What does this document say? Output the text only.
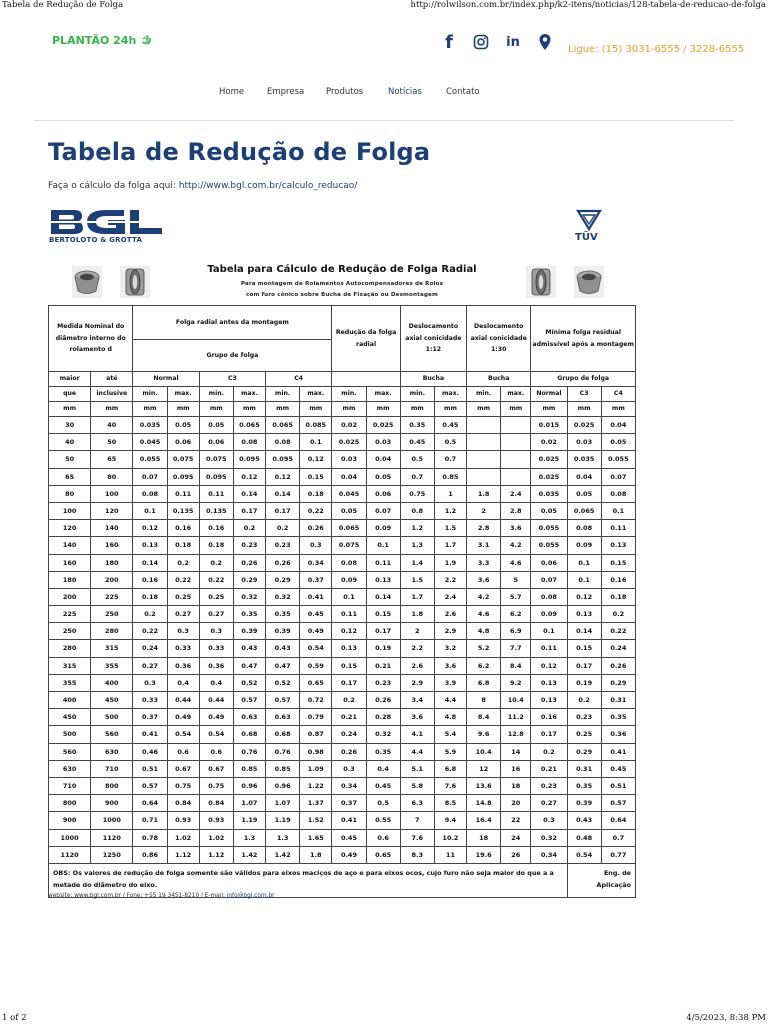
Tabela de Redução de Folga	http://rolwilson.com.br/index.php/k2-itens/noticias/128-tabela-de-reducao-de-folga
PLANTÃO 24h	f	in	Ligue: (15) 3031-6555 / 3228-6555
Home	Empresa	Produtos	Notícias	Contato
Tabela de Redução de Folga
Faça o cálculo da folga aqui: http://www.bgl.com.br/calculo_reducao/
BERTOLOTO & GROTTA	TÜV
Tabela para Cálculo de Redução de Folga Radial
Para montagem de Rolamentos Autocompensadores de Rolos
com furo cônico sobre Bucha de Fixação ou Desmontagem
Medida Nominal do diâmetro interno do rolamento d		Folga radial antes da montagem						Redução da folga radial		Deslocamento axial conicidade 1:12		Deslocamento axial conicidade 1:30		Mínima folga residual admissível após a montagem		
		Grupo de folga														

maior	até	Normal		C3		C4				Bucha		Bucha		Grupo de folga		
que	inclusive	min.	max.	min.	max.	min.	max.	min.	max.	min.	max.	min.	max.	Normal	C3	C4
mm	mm	mm	mm	mm	mm	mm	mm	mm	mm	mm	mm	mm	mm	mm	mm	mm
30	40	0.035	0.05	0.05	0.065	0.065	0.085	0.02	0.025	0.35	0.45			0.015	0.025	0.04
40	50	0.045	0.06	0.06	0.08	0.08	0.1	0.025	0.03	0.45	0.5			0.02	0.03	0.05
50	65	0.055	0.075	0.075	0.095	0.095	0.12	0.03	0.04	0.5	0.7			0.025	0.035	0.055
65	80	0.07	0.095	0.095	0.12	0.12	0.15	0.04	0.05	0.7	0.85			0.025	0.04	0.07
80	100	0.08	0.11	0.11	0.14	0.14	0.18	0.045	0.06	0.75	1	1.8	2.4	0.035	0.05	0.08
100	120	0.1	0.135	0.135	0.17	0.17	0.22	0.05	0.07	0.8	1.2	2	2.8	0.05	0.065	0.1
120	140	0.12	0.16	0.16	0.2	0.2	0.26	0.065	0.09	1.2	1.5	2.8	3.6	0.055	0.08	0.11
140	160	0.13	0.18	0.18	0.23	0.23	0.3	0.075	0.1	1.3	1.7	3.1	4.2	0.055	0.09	0.13
160	180	0.14	0.2	0.2	0.26	0.26	0.34	0.08	0.11	1.4	1.9	3.3	4.6	0.06	0.1	0.15
180	200	0.16	0.22	0.22	0.29	0.29	0.37	0.09	0.13	1.5	2.2	3.6	5	0.07	0.1	0.16
200	225	0.18	0.25	0.25	0.32	0.32	0.41	0.1	0.14	1.7	2.4	4.2	5.7	0.08	0.12	0.18
225	250	0.2	0.27	0.27	0.35	0.35	0.45	0.11	0.15	1.8	2.6	4.6	6.2	0.09	0.13	0.2
250	280	0.22	0.3	0.3	0.39	0.39	0.49	0.12	0.17	2	2.9	4.8	6.9	0.1	0.14	0.22
280	315	0.24	0.33	0.33	0.43	0.43	0.54	0.13	0.19	2.2	3.2	5.2	7.7	0.11	0.15	0.24
315	355	0.27	0.36	0.36	0.47	0.47	0.59	0.15	0.21	2.6	3.6	6.2	8.4	0.12	0.17	0.26
355	400	0.3	0.4	0.4	0.52	0.52	0.65	0.17	0.23	2.9	3.9	6.8	9.2	0.13	0.19	0.29
400	450	0.33	0.44	0.44	0.57	0.57	0.72	0.2	0.26	3.4	4.4	8	10.4	0.13	0.2	0.31
450	500	0.37	0.49	0.49	0.63	0.63	0.79	0.21	0.28	3.6	4.8	8.4	11.2	0.16	0.23	0.35
500	560	0.41	0.54	0.54	0.68	0.68	0.87	0.24	0.32	4.1	5.4	9.6	12.8	0.17	0.25	0.36
560	630	0.46	0.6	0.6	0.76	0.76	0.98	0.26	0.35	4.4	5.9	10.4	14	0.2	0.29	0.41
630	710	0.51	0.67	0.67	0.85	0.85	1.09	0.3	0.4	5.1	6.8	12	16	0.21	0.31	0.45
710	800	0.57	0.75	0.75	0.96	0.96	1.22	0.34	0.45	5.8	7.6	13.6	18	0.23	0.35	0.51
800	900	0.64	0.84	0.84	1.07	1.07	1.37	0.37	0.5	6.3	8.5	14.8	20	0.27	0.39	0.57
900	1000	0.71	0.93	0.93	1.19	1.19	1.52	0.41	0.55	7	9.4	16.4	22	0.3	0.43	0.64
1000	1120	0.78	1.02	1.02	1.3	1.3	1.65	0.45	0.6	7.6	10.2	18	24	0.32	0.48	0.7
1120	1250	0.86	1.12	1.12	1.42	1.42	1.8	0.49	0.65	8.3	11	19.6	26	0.34	0.54	0.77
OBS: Os valores de redução de folga somente são válidos para eixos maciços de aço e para eixos ocos, cujo furo não seja maior do que a a metade do diâmetro do eixo.															Eng. de Aplicação	
website: www.bgl.com.br / Fone: +55 19 3451-8210 / E-mail: info@bgl.com.br
1 of 2	4/5/2023, 8:38 PM
